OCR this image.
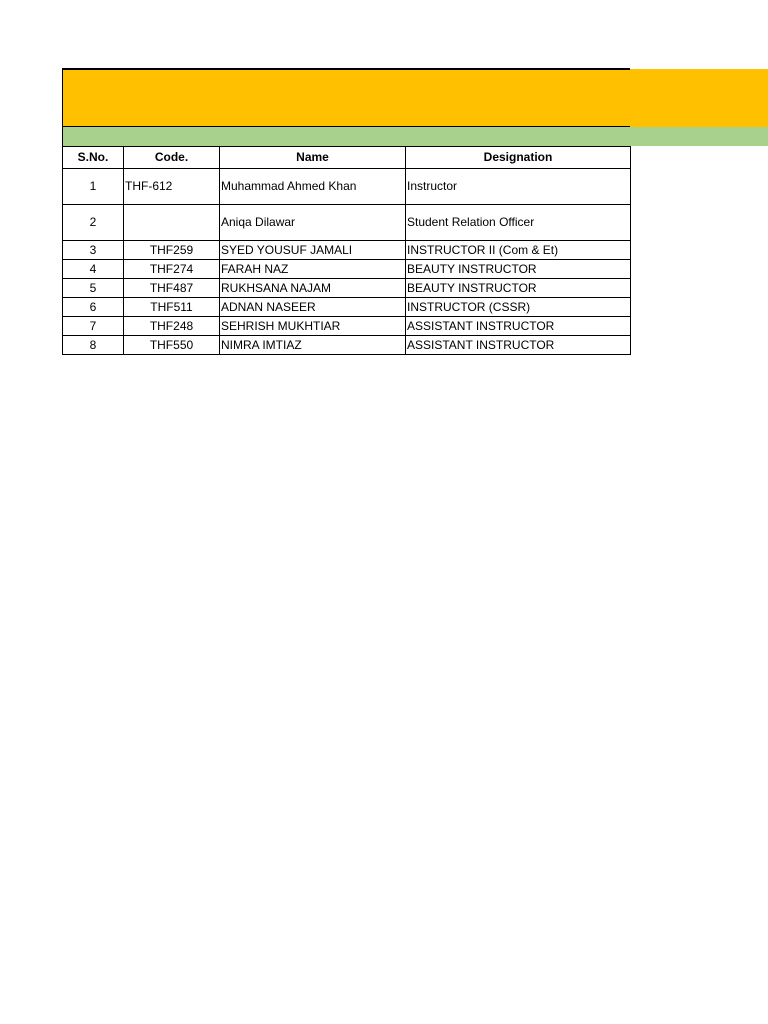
S.No.	Code.	Name	Designation
1	THF-612	Muhammad Ahmed Khan	Instructor
2		Aniqa Dilawar	Student Relation Officer
3	THF259	SYED YOUSUF JAMALI	INSTRUCTOR II (Com & Et)
4	THF274	FARAH NAZ	BEAUTY INSTRUCTOR
5	THF487	RUKHSANA NAJAM	BEAUTY INSTRUCTOR
6	THF511	ADNAN NASEER	INSTRUCTOR (CSSR)
7	THF248	SEHRISH MUKHTIAR	ASSISTANT INSTRUCTOR
8	THF550	NIMRA IMTIAZ	ASSISTANT INSTRUCTOR
